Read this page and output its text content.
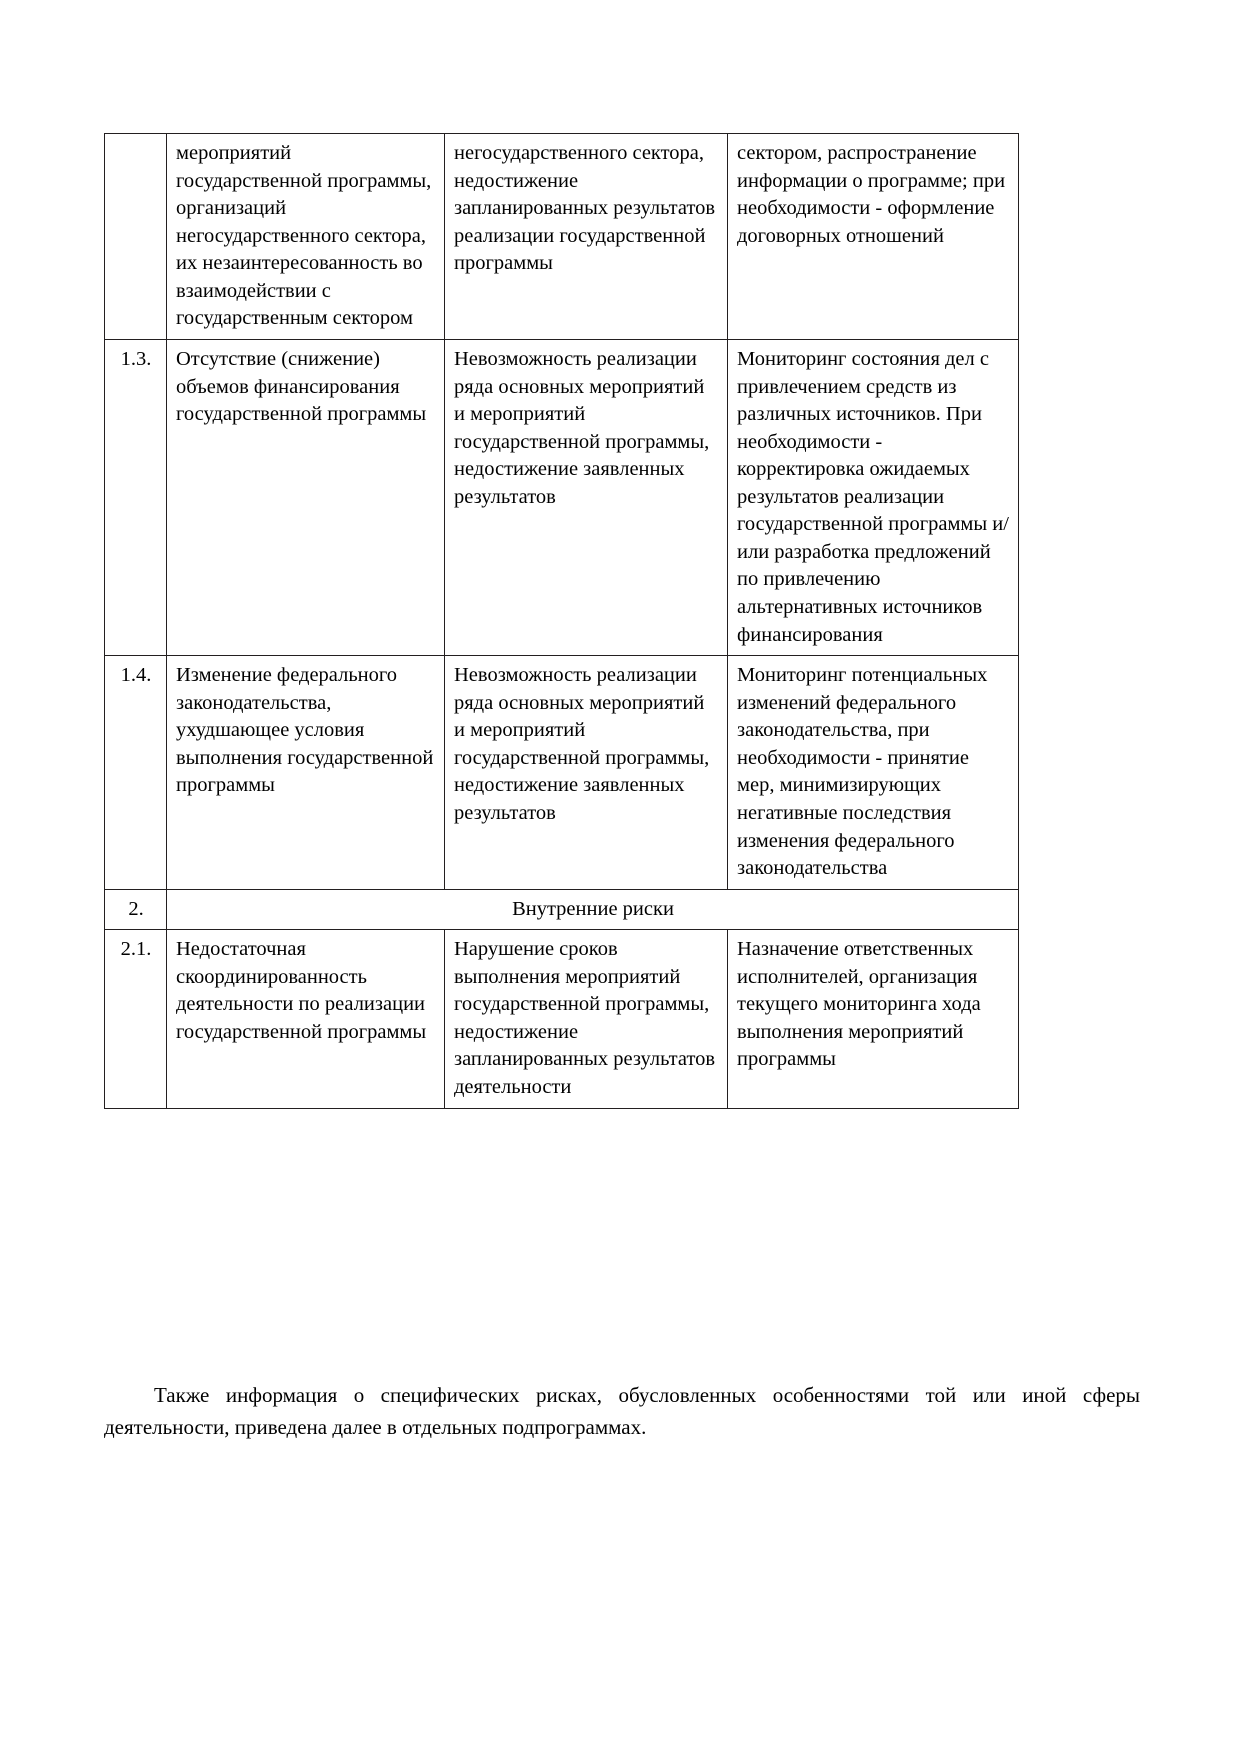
	мероприятий государственной программы, организаций негосударственного сектора, их незаинтересованность во взаимодействии с государственным сектором	негосударственного сектора, недостижение запланированных результатов реализации государственной программы	сектором, распространение информации о программе; при необходимости - оформление договорных отношений
1.3.	Отсутствие (снижение) объемов финансирования государственной программы	Невозможность реализации ряда основных мероприятий и мероприятий государственной программы, недостижение заявленных результатов	Мониторинг состояния дел с привлечением средств из различных источников. При необходимости - корректировка ожидаемых результатов реализации государственной программы и/или разработка предложений по привлечению альтернативных источников финансирования
1.4.	Изменение федерального законодательства, ухудшающее условия выполнения государственной программы	Невозможность реализации ряда основных мероприятий и мероприятий государственной программы, недостижение заявленных результатов	Мониторинг потенциальных изменений федерального законодательства, при необходимости - принятие мер, минимизирующих негативные последствия изменения федерального законодательства
2.	Внутренние риски		
2.1.	Недостаточная скоординированность деятельности по реализации государственной программы	Нарушение сроков выполнения мероприятий государственной программы, недостижение запланированных результатов деятельности	Назначение ответственных исполнителей, организация текущего мониторинга хода выполнения мероприятий программы

Также информация о специфических рисках, обусловленных особенностями той или иной сферы деятельности, приведена далее в отдельных подпрограммах.
